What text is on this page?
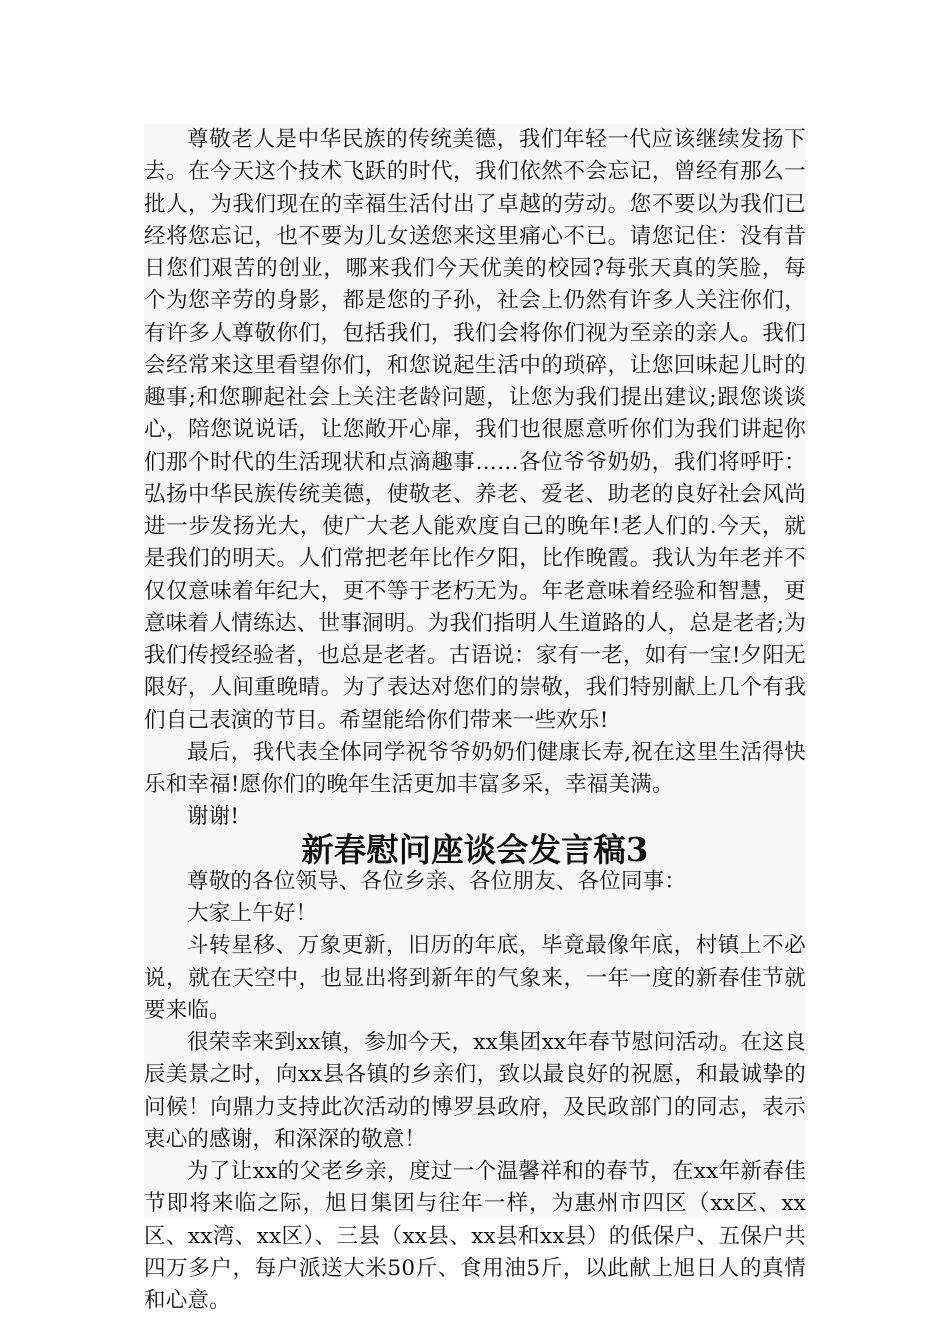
尊敬老人是中华民族的传统美德，我们年轻一代应该继续发扬下去。在今天这个技术飞跃的时代，我们依然不会忘记，曾经有那么一批人，为我们现在的幸福生活付出了卓越的劳动。您不要以为我们已经将您忘记，也不要为儿女送您来这里痛心不已。请您记住：没有昔日您们艰苦的创业，哪来我们今天优美的校园?每张天真的笑脸，每个为您辛劳的身影，都是您的子孙，社会上仍然有许多人关注你们，有许多人尊敬你们，包括我们，我们会将你们视为至亲的亲人。我们会经常来这里看望你们，和您说起生活中的琐碎，让您回味起儿时的趣事;和您聊起社会上关注老龄问题，让您为我们提出建议;跟您谈谈心，陪您说说话，让您敞开心扉，我们也很愿意听你们为我们讲起你们那个时代的生活现状和点滴趣事……各位爷爷奶奶，我们将呼吁：弘扬中华民族传统美德，使敬老、养老、爱老、助老的良好社会风尚进一步发扬光大，使广大老人能欢度自己的晚年!老人们的.今天，就是我们的明天。人们常把老年比作夕阳，比作晚霞。我认为年老并不仅仅意味着年纪大，更不等于老朽无为。年老意味着经验和智慧，更意味着人情练达、世事洞明。为我们指明人生道路的人，总是老者;为我们传授经验者，也总是老者。古语说：家有一老，如有一宝!夕阳无限好，人间重晚晴。为了表达对您们的崇敬，我们特别献上几个有我们自己表演的节目。希望能给你们带来一些欢乐!

最后，我代表全体同学祝爷爷奶奶们健康长寿,祝在这里生活得快乐和幸福!愿你们的晚年生活更加丰富多采，幸福美满。

谢谢!

新春慰问座谈会发言稿3

尊敬的各位领导、各位乡亲、各位朋友、各位同事：

大家上午好！

斗转星移、万象更新，旧历的年底，毕竟最像年底，村镇上不必说，就在天空中，也显出将到新年的气象来，一年一度的新春佳节就要来临。

很荣幸来到xx镇，参加今天，xx集团xx年春节慰问活动。在这良辰美景之时，向xx县各镇的乡亲们，致以最良好的祝愿，和最诚挚的问候！向鼎力支持此次活动的博罗县政府，及民政部门的同志，表示衷心的感谢，和深深的敬意！

为了让xx的父老乡亲，度过一个温馨祥和的春节，在xx年新春佳节即将来临之际，旭日集团与往年一样，为惠州市四区（xx区、xx区、xx湾、xx区）、三县（xx县、xx县和xx县）的低保户、五保户共四万多户，每户派送大米50斤、食用油5斤，以此献上旭日人的真情和心意。
